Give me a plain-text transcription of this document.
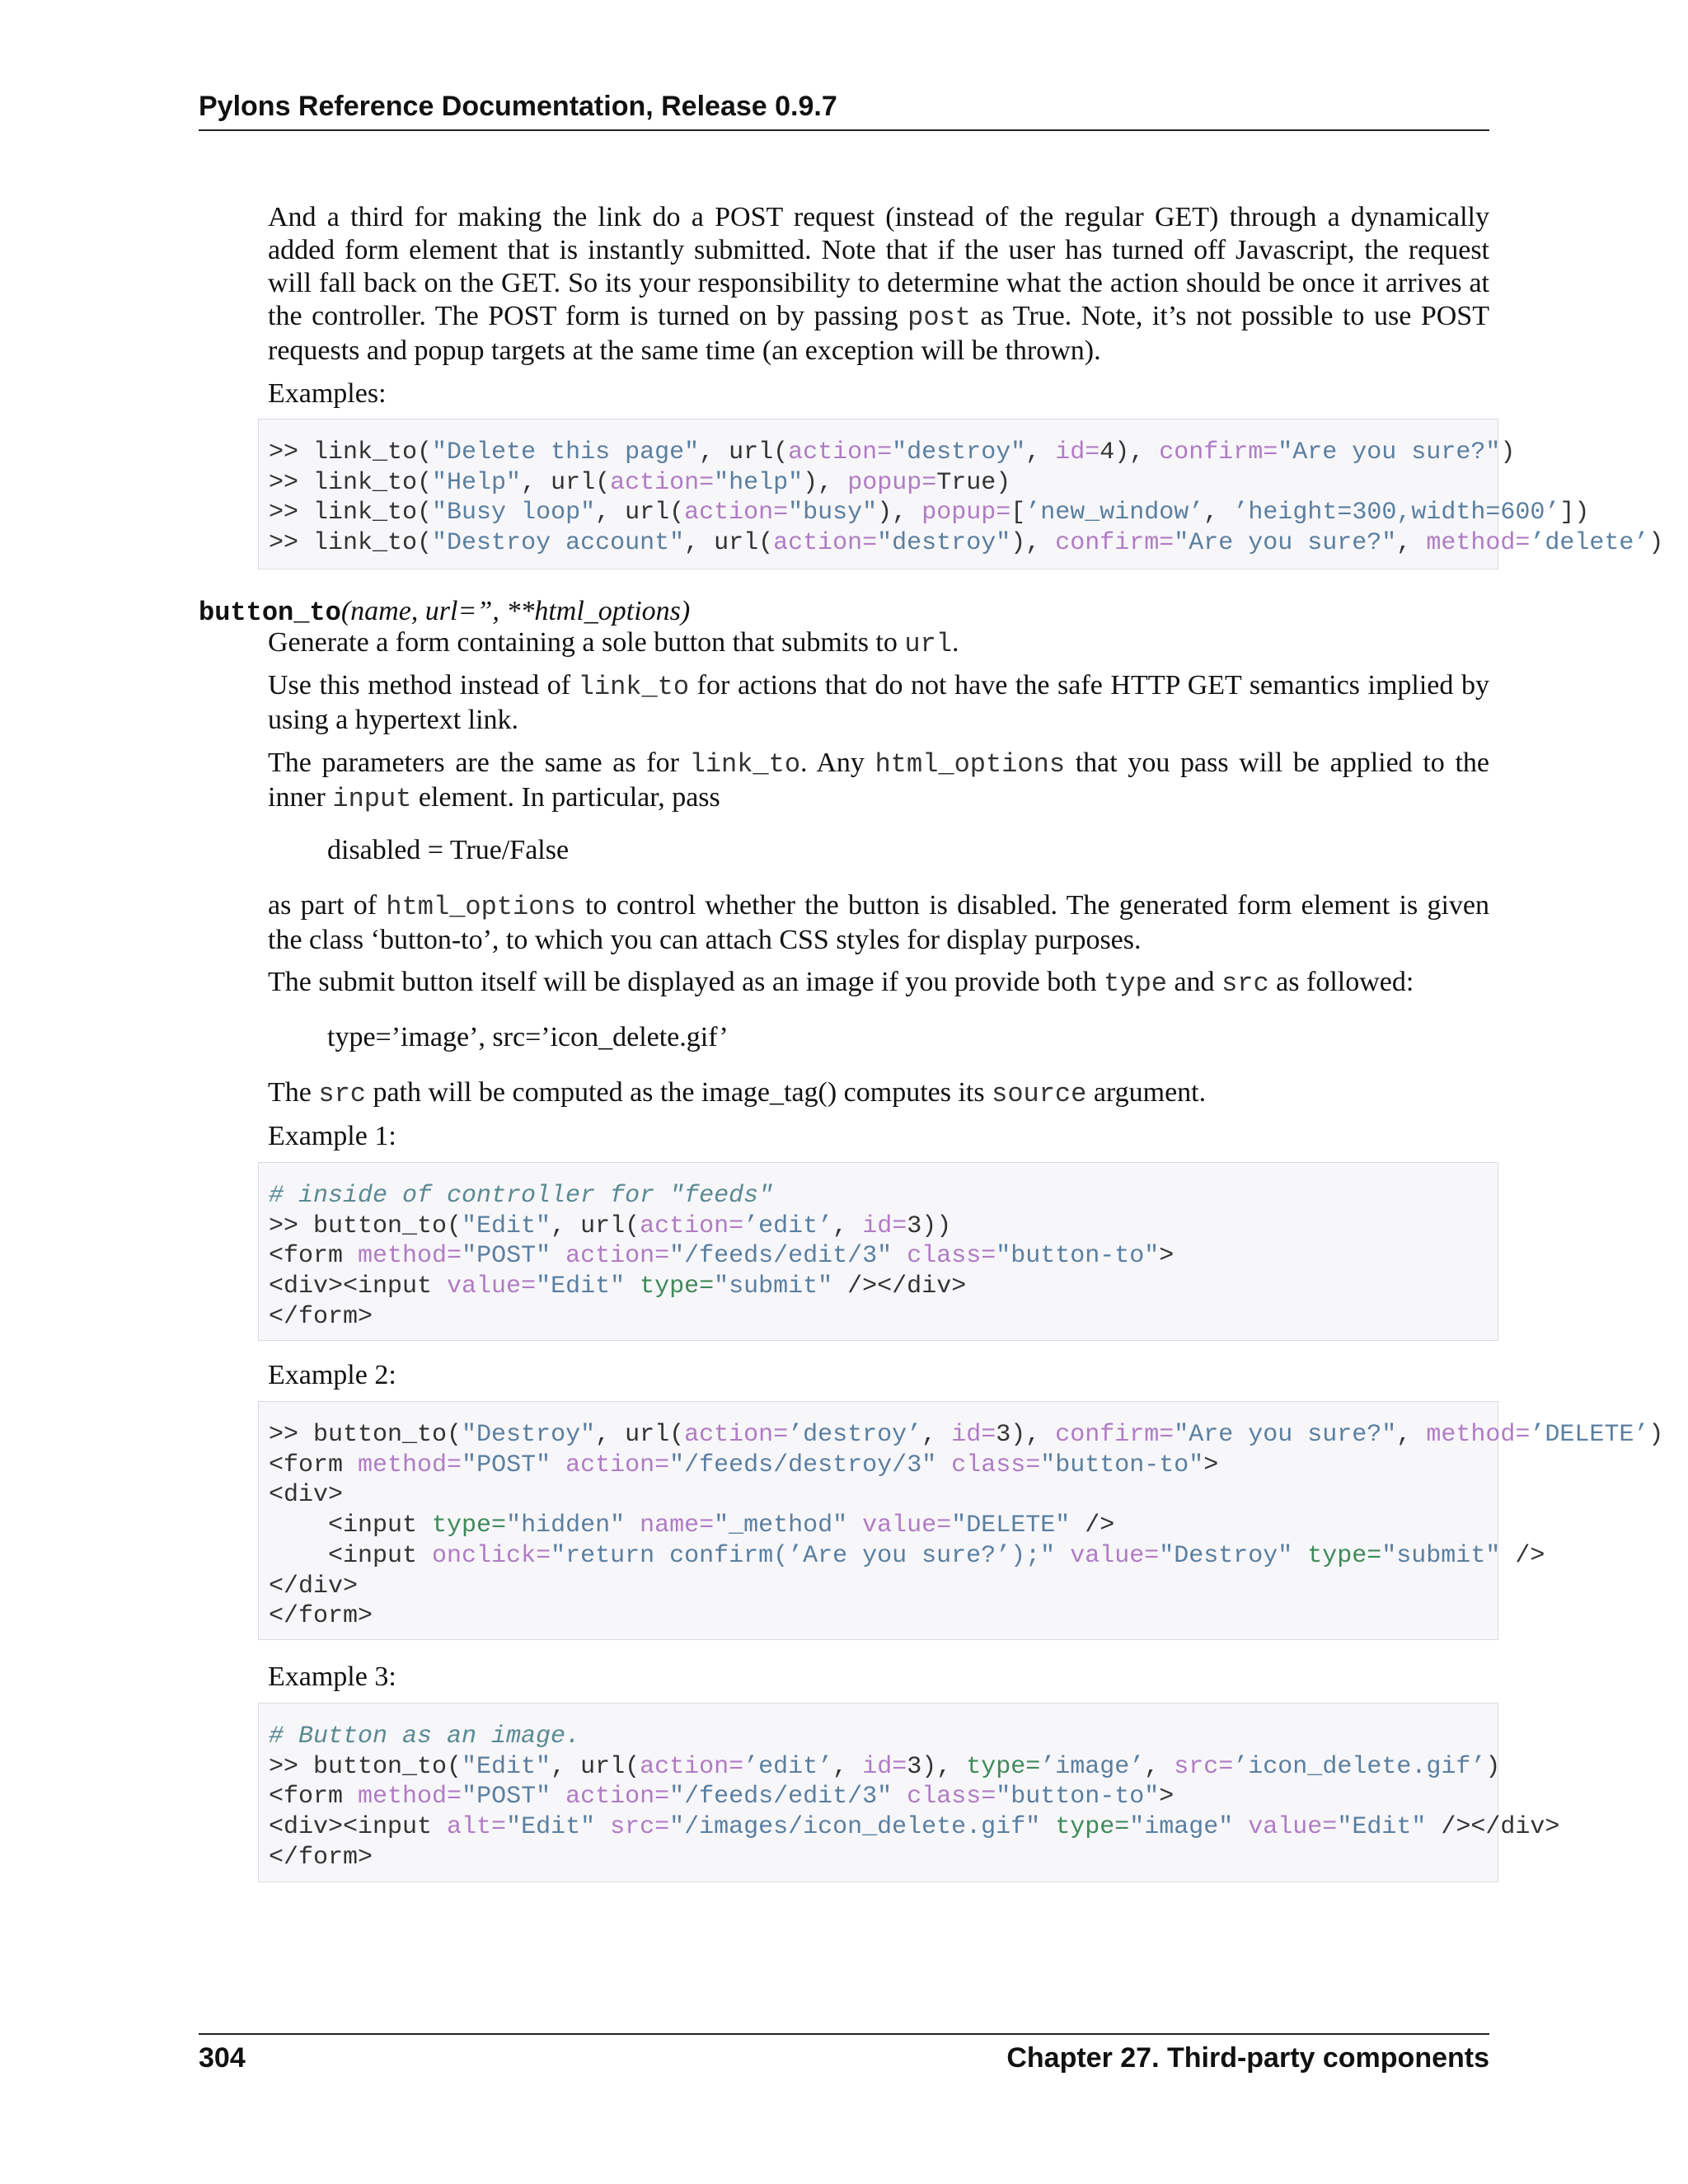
Pylons Reference Documentation, Release 0.9.7

And a third for making the link do a POST request (instead of the regular GET) through a dynamically added form element that is instantly submitted. Note that if the user has turned off Javascript, the request will fall back on the GET. So its your responsibility to determine what the action should be once it arrives at the controller. The POST form is turned on by passing post as True. Note, it’s not possible to use POST requests and popup targets at the same time (an exception will be thrown).

Examples:

>> link_to("Delete this page", url(action="destroy", id=4), confirm="Are you sure?")
>> link_to("Help", url(action="help"), popup=True)
>> link_to("Busy loop", url(action="busy"), popup=[’new_window’, ’height=300,width=600’])
>> link_to("Destroy account", url(action="destroy"), confirm="Are you sure?", method=’delete’)
button_to(name, url=”, **html_options)

Generate a form containing a sole button that submits to url.

Use this method instead of link_to for actions that do not have the safe HTTP GET semantics implied by using a hypertext link.

The parameters are the same as for link_to. Any html_options that you pass will be applied to the inner input element. In particular, pass

disabled = True/False

as part of html_options to control whether the button is disabled. The generated form element is given the class ‘button-to’, to which you can attach CSS styles for display purposes.

The submit button itself will be displayed as an image if you provide both type and src as followed:

type=’image’, src=’icon_delete.gif’

The src path will be computed as the image_tag() computes its source argument.

Example 1:

# inside of controller for "feeds"
>> button_to("Edit", url(action=’edit’, id=3))
<form method="POST" action="/feeds/edit/3" class="button-to">
<div><input value="Edit" type="submit" /></div>
</form>

Example 2:

>> button_to("Destroy", url(action=’destroy’, id=3), confirm="Are you sure?", method=’DELETE’)
<form method="POST" action="/feeds/destroy/3" class="button-to">
<div>
<input type="hidden" name="_method" value="DELETE" />
<input onclick="return confirm(’Are you sure?’);" value="Destroy" type="submit" />
</div>
</form>

Example 3:

# Button as an image.
>> button_to("Edit", url(action=’edit’, id=3), type=’image’, src=’icon_delete.gif’)
<form method="POST" action="/feeds/edit/3" class="button-to">
<div><input alt="Edit" src="/images/icon_delete.gif" type="image" value="Edit" /></div>
</form>
304	Chapter 27. Third-party components
